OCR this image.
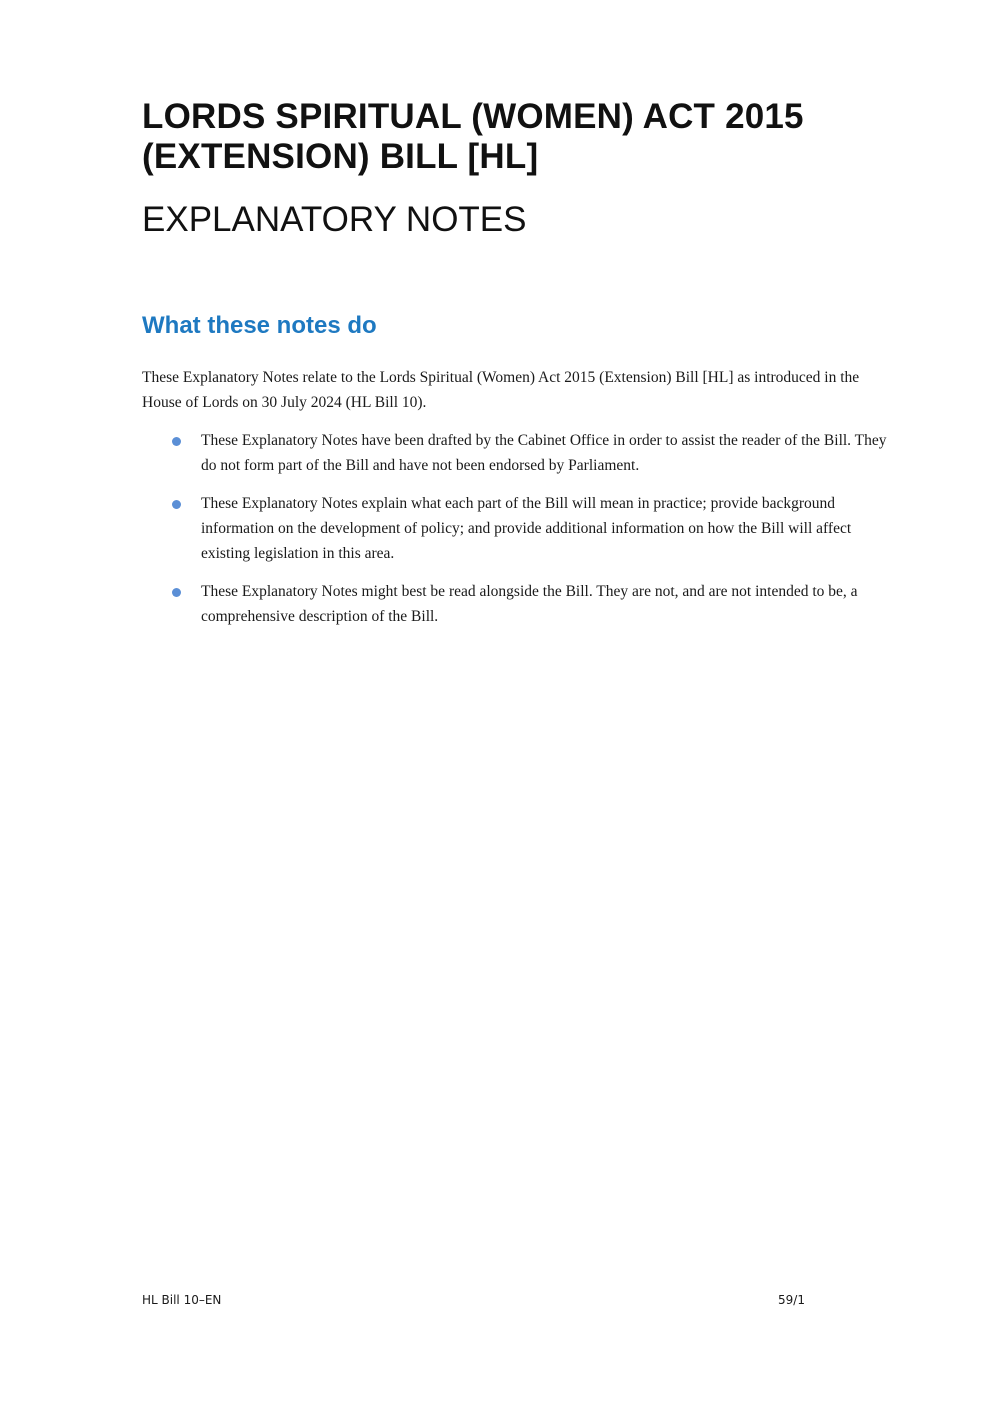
LORDS SPIRITUAL (WOMEN) ACT 2015 (EXTENSION) BILL [HL]
EXPLANATORY NOTES
What these notes do

These Explanatory Notes relate to the Lords Spiritual (Women) Act 2015 (Extension) Bill [HL] as introduced in the House of Lords on 30 July 2024 (HL Bill 10).

These Explanatory Notes have been drafted by the Cabinet Office in order to assist the reader of the Bill. They do not form part of the Bill and have not been endorsed by Parliament.
These Explanatory Notes explain what each part of the Bill will mean in practice; provide background information on the development of policy; and provide additional information on how the Bill will affect existing legislation in this area.
These Explanatory Notes might best be read alongside the Bill. They are not, and are not intended to be, a comprehensive description of the Bill.
HL Bill 10–EN	59/1
